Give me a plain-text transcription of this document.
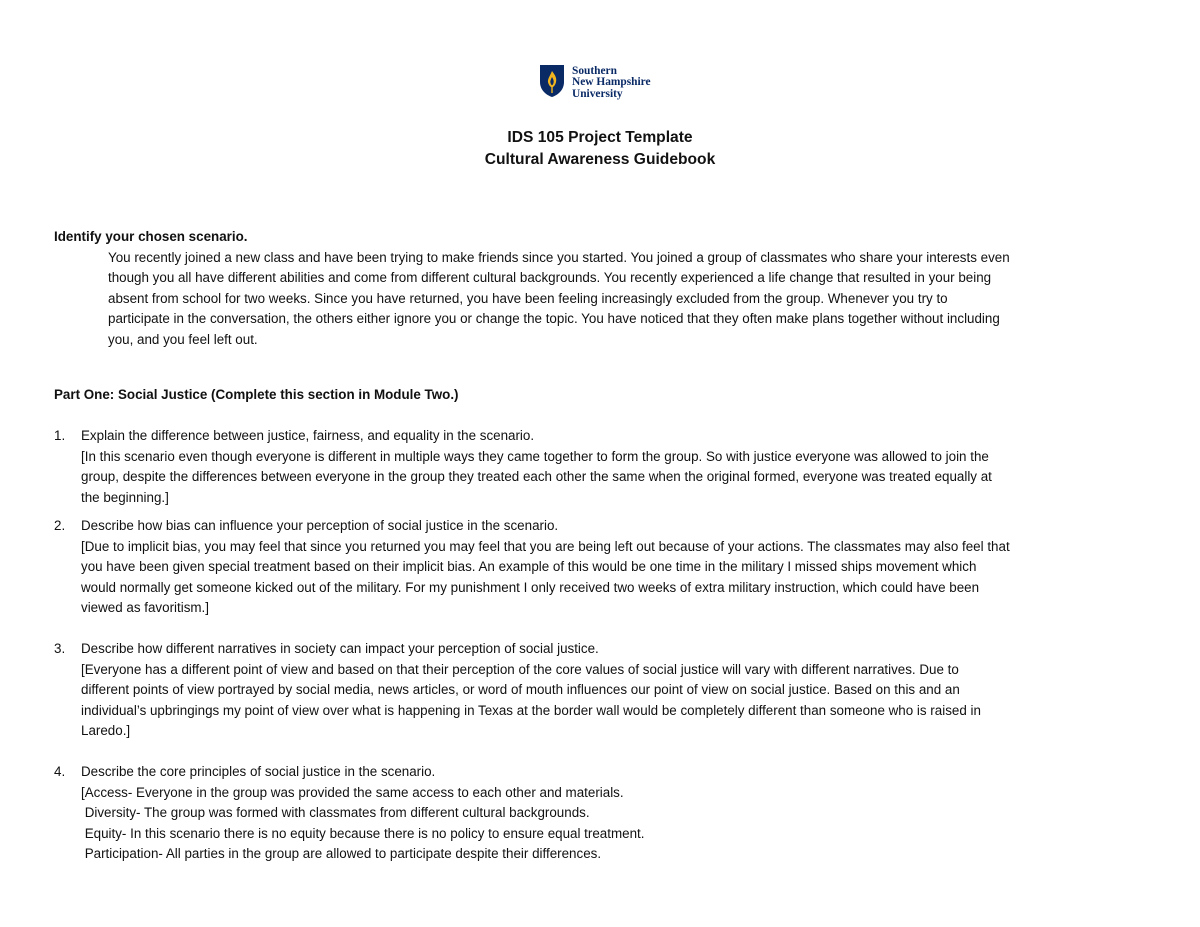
Southern
New Hampshire
University
IDS 105 Project Template
Cultural Awareness Guidebook
Identify your chosen scenario.
You recently joined a new class and have been trying to make friends since you started. You joined a group of classmates who share your interests even
though you all have different abilities and come from different cultural backgrounds. You recently experienced a life change that resulted in your being
absent from school for two weeks. Since you have returned, you have been feeling increasingly excluded from the group. Whenever you try to
participate in the conversation, the others either ignore you or change the topic. You have noticed that they often make plans together without including
you, and you feel left out.
Part One: Social Justice (Complete this section in Module Two.)
1. Explain the difference between justice, fairness, and equality in the scenario.
[In this scenario even though everyone is different in multiple ways they came together to form the group. So with justice everyone was allowed to join the
group, despite the differences between everyone in the group they treated each other the same when the original formed, everyone was treated equally at
the beginning.]
2. Describe how bias can influence your perception of social justice in the scenario.
[Due to implicit bias, you may feel that since you returned you may feel that you are being left out because of your actions. The classmates may also feel that
you have been given special treatment based on their implicit bias. An example of this would be one time in the military I missed ships movement which
would normally get someone kicked out of the military. For my punishment I only received two weeks of extra military instruction, which could have been
viewed as favoritism.]
3. Describe how different narratives in society can impact your perception of social justice.
[Everyone has a different point of view and based on that their perception of the core values of social justice will vary with different narratives. Due to
different points of view portrayed by social media, news articles, or word of mouth influences our point of view on social justice. Based on this and an
individual’s upbringings my point of view over what is happening in Texas at the border wall would be completely different than someone who is raised in
Laredo.]
4. Describe the core principles of social justice in the scenario.
[Access- Everyone in the group was provided the same access to each other and materials.
Diversity- The group was formed with classmates from different cultural backgrounds.
Equity- In this scenario there is no equity because there is no policy to ensure equal treatment.
Participation- All parties in the group are allowed to participate despite their differences.
